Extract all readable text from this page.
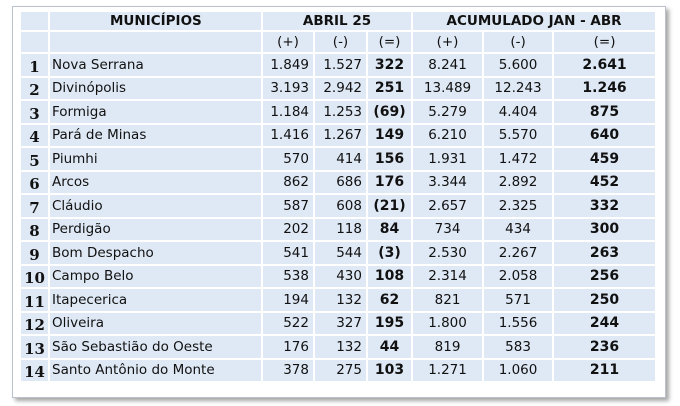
	MUNICÍPIOS	ABRIL 25			ACUMULADO JAN - ABR		
		(+)	(-)	(=)	(+)	(-)	(=)
1	Nova Serrana	1.849	1.527	322	8.241	5.600	2.641
2	Divinópolis	3.193	2.942	251	13.489	12.243	1.246
3	Formiga	1.184	1.253	(69)	5.279	4.404	875
4	Pará de Minas	1.416	1.267	149	6.210	5.570	640
5	Piumhi	570	414	156	1.931	1.472	459
6	Arcos	862	686	176	3.344	2.892	452
7	Cláudio	587	608	(21)	2.657	2.325	332
8	Perdigão	202	118	84	734	434	300
9	Bom Despacho	541	544	(3)	2.530	2.267	263
10	Campo Belo	538	430	108	2.314	2.058	256
11	Itapecerica	194	132	62	821	571	250
12	Oliveira	522	327	195	1.800	1.556	244
13	São Sebastião do Oeste	176	132	44	819	583	236
14	Santo Antônio do Monte	378	275	103	1.271	1.060	211
